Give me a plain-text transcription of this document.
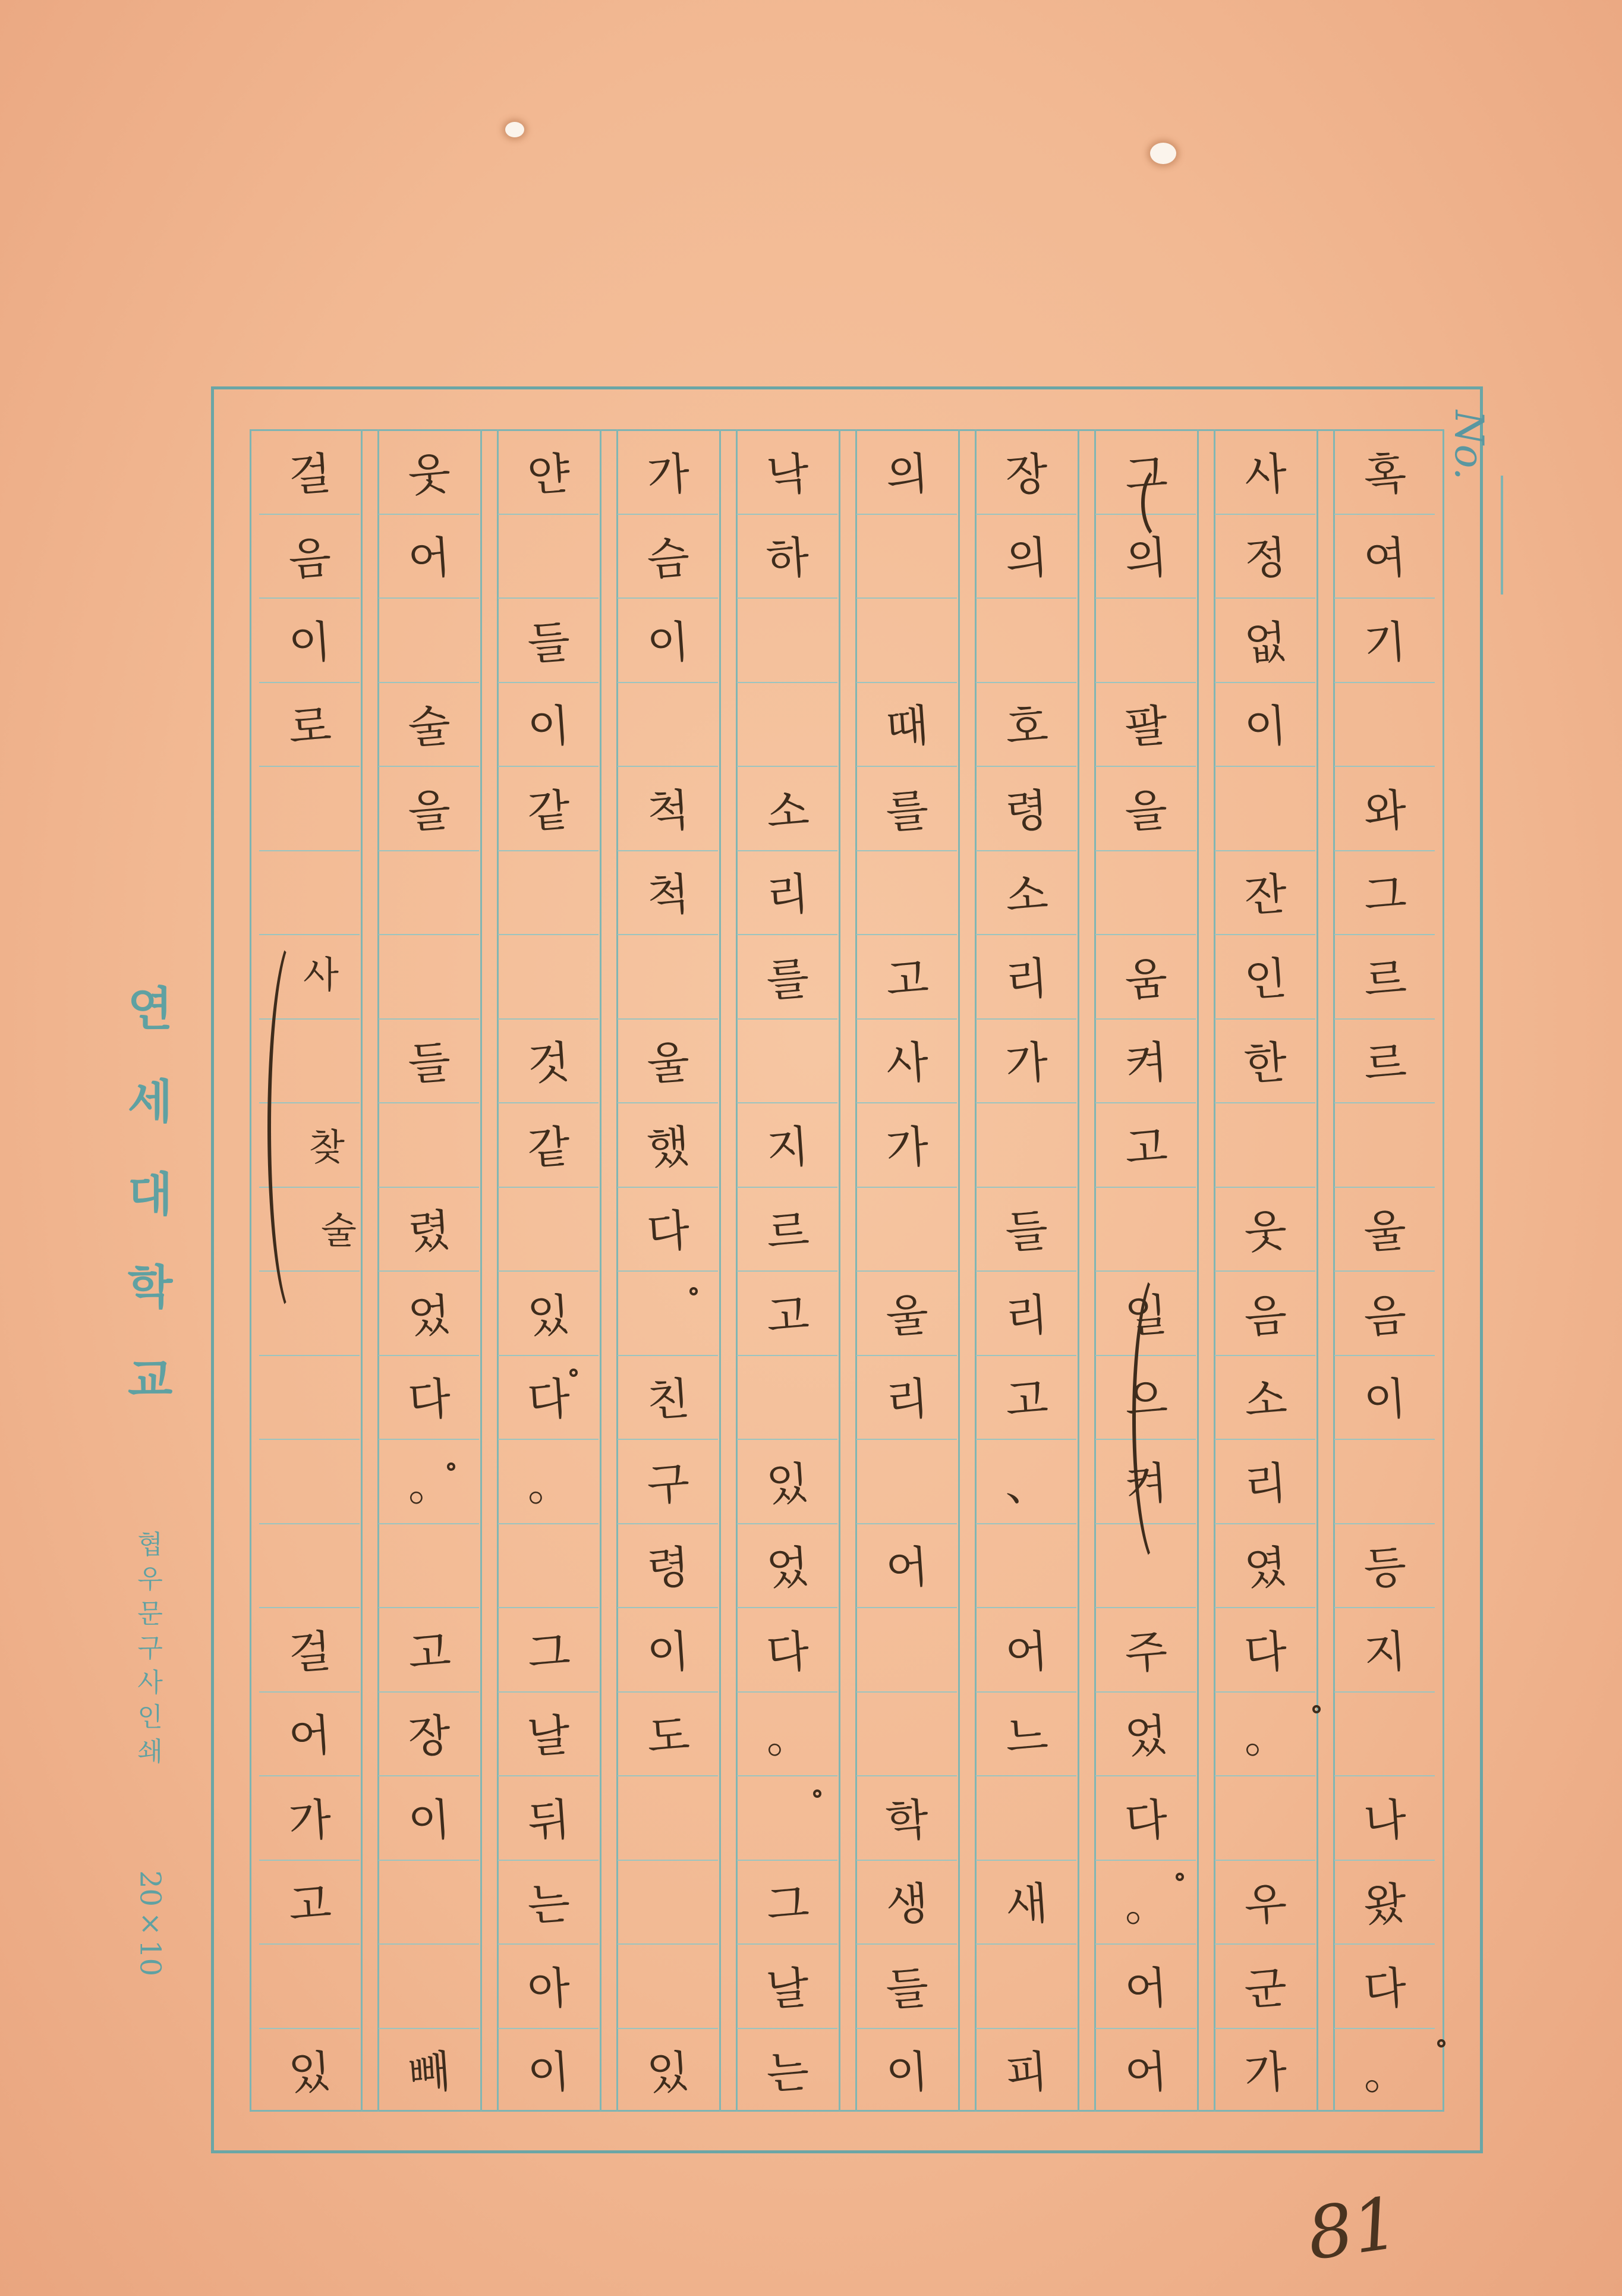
혹
여
기
와
그
르
르
울
음
이
등
지
나
왔
다
。
사
정
없
이
잔
인
한
웃
음
소
리
였
다
。
우
군
가
그
의
팔
을
움
켜
고
일
으
켜
주
었
다
。
어
어
장
의
호
령
소
리
가
들
리
고
、
어
느
새
피
의
때
를
고
사
가
울
리
어
학
생
들
이
낙
하
소
리
를
지
르
고
있
었
다
。
그
날
는
가
슴
이
척
척
울
했
다
친
구
령
이
도
있
얀
들
이
같
것
같
있
다
。
그
날
뒤
는
아
이
웃
어
술
을
들
렸
었
다
。
고
장
이
빼
걸
음
이
로
걸
어
가
고
있
사
찾
술
No.
연
세
대
학
교
협
우
문
구
사
인
쇄
20×10
81
